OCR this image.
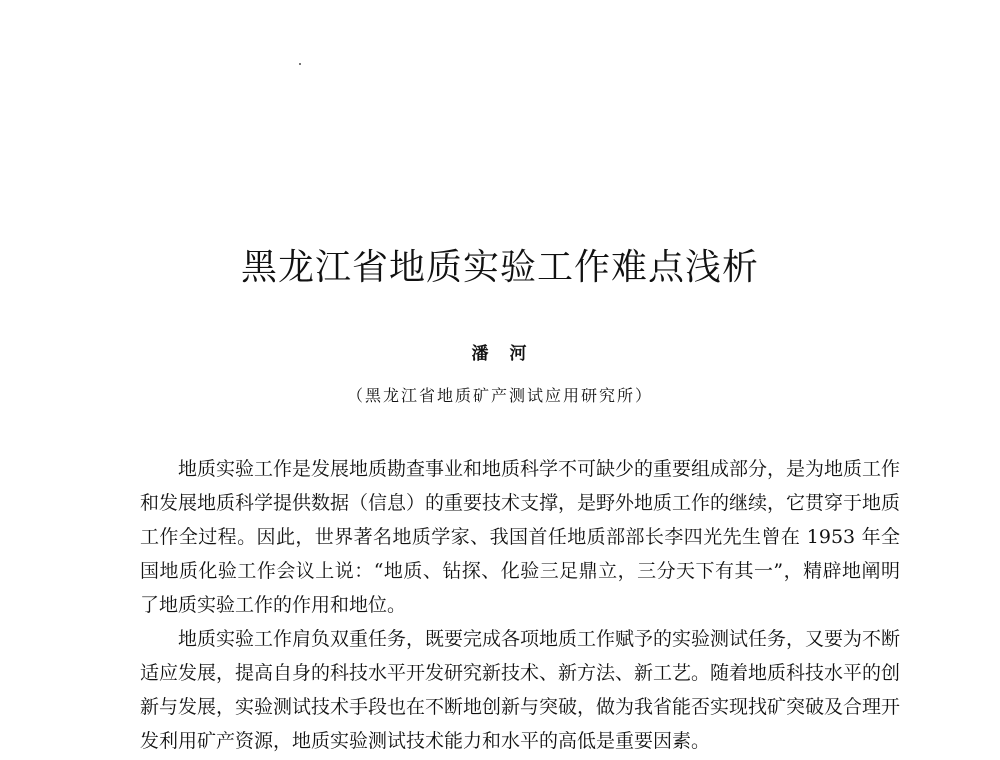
黑龙江省地质实验工作难点浅析
潘　河
（黑龙江省地质矿产测试应用研究所）

地质实验工作是发展地质勘查事业和地质科学不可缺少的重要组成部分，是为地质工作和发展地质科学提供数据（信息）的重要技术支撑，是野外地质工作的继续，它贯穿于地质工作全过程。因此，世界著名地质学家、我国首任地质部部长李四光先生曾在 1953 年全国地质化验工作会议上说：“地质、钻探、化验三足鼎立，三分天下有其一”，精辟地阐明了地质实验工作的作用和地位。

地质实验工作肩负双重任务，既要完成各项地质工作赋予的实验测试任务，又要为不断适应发展，提高自身的科技水平开发研究新技术、新方法、新工艺。随着地质科技水平的创新与发展，实验测试技术手段也在不断地创新与突破，做为我省能否实现找矿突破及合理开发利用矿产资源，地质实验测试技术能力和水平的高低是重要因素。
